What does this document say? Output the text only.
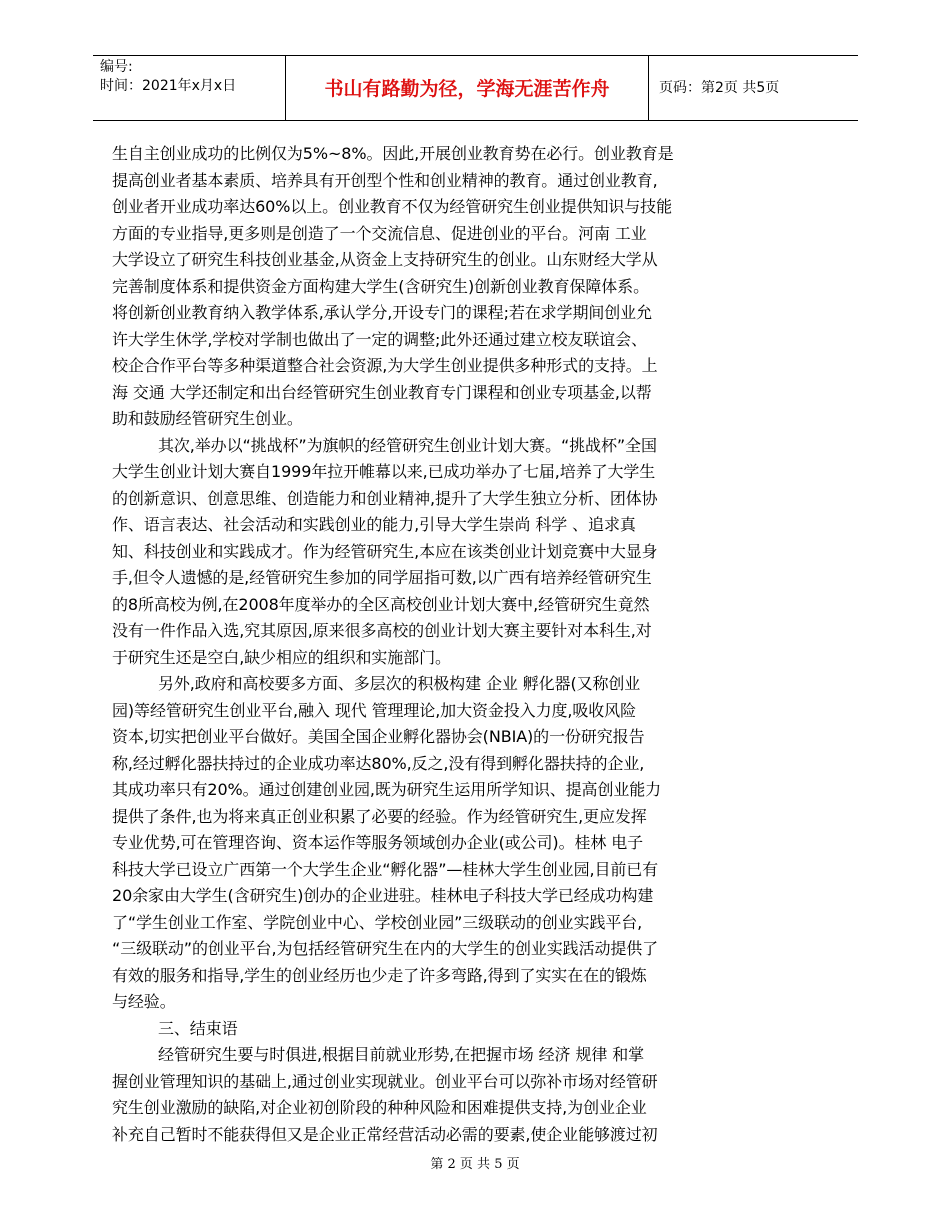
编号:
时间：2021年x月x日	书山有路勤为径，学海无涯苦作舟	页码：第2页 共5页
生自主创业成功的比例仅为5%~8%。因此,开展创业教育势在必行。创业教育是
提高创业者基本素质、培养具有开创型个性和创业精神的教育。通过创业教育,
创业者开业成功率达60%以上。创业教育不仅为经管研究生创业提供知识与技能
方面的专业指导,更多则是创造了一个交流信息、促进创业的平台。河南 工业
大学设立了研究生科技创业基金,从资金上支持研究生的创业。山东财经大学从
完善制度体系和提供资金方面构建大学生(含研究生)创新创业教育保障体系。
将创新创业教育纳入教学体系,承认学分,开设专门的课程;若在求学期间创业允
许大学生休学,学校对学制也做出了一定的调整;此外还通过建立校友联谊会、
校企合作平台等多种渠道整合社会资源,为大学生创业提供多种形式的支持。上
海 交通 大学还制定和出台经管研究生创业教育专门课程和创业专项基金,以帮
助和鼓励经管研究生创业。
其次,举办以“挑战杯”为旗帜的经管研究生创业计划大赛。“挑战杯”全国
大学生创业计划大赛自1999年拉开帷幕以来,已成功举办了七届,培养了大学生
的创新意识、创意思维、创造能力和创业精神,提升了大学生独立分析、团体协
作、语言表达、社会活动和实践创业的能力,引导大学生崇尚 科学 、追求真
知、科技创业和实践成才。作为经管研究生,本应在该类创业计划竞赛中大显身
手,但令人遗憾的是,经管研究生参加的同学屈指可数,以广西有培养经管研究生
的8所高校为例,在2008年度举办的全区高校创业计划大赛中,经管研究生竟然
没有一件作品入选,究其原因,原来很多高校的创业计划大赛主要针对本科生,对
于研究生还是空白,缺少相应的组织和实施部门。
另外,政府和高校要多方面、多层次的积极构建 企业 孵化器(又称创业
园)等经管研究生创业平台,融入 现代 管理理论,加大资金投入力度,吸收风险
资本,切实把创业平台做好。美国全国企业孵化器协会(NBIA)的一份研究报告
称,经过孵化器扶持过的企业成功率达80%,反之,没有得到孵化器扶持的企业,
其成功率只有20%。通过创建创业园,既为研究生运用所学知识、提高创业能力
提供了条件,也为将来真正创业积累了必要的经验。作为经管研究生,更应发挥
专业优势,可在管理咨询、资本运作等服务领域创办企业(或公司)。桂林 电子
科技大学已设立广西第一个大学生企业“孵化器”—桂林大学生创业园,目前已有
20余家由大学生(含研究生)创办的企业进驻。桂林电子科技大学已经成功构建
了“学生创业工作室、学院创业中心、学校创业园”三级联动的创业实践平台,
“三级联动”的创业平台,为包括经管研究生在内的大学生的创业实践活动提供了
有效的服务和指导,学生的创业经历也少走了许多弯路,得到了实实在在的锻炼
与经验。
三、结束语
经管研究生要与时俱进,根据目前就业形势,在把握市场 经济 规律 和掌
握创业管理知识的基础上,通过创业实现就业。创业平台可以弥补市场对经管研
究生创业激励的缺陷,对企业初创阶段的种种风险和困难提供支持,为创业企业
补充自己暂时不能获得但又是企业正常经营活动必需的要素,使企业能够渡过初
第 2 页 共 5 页
